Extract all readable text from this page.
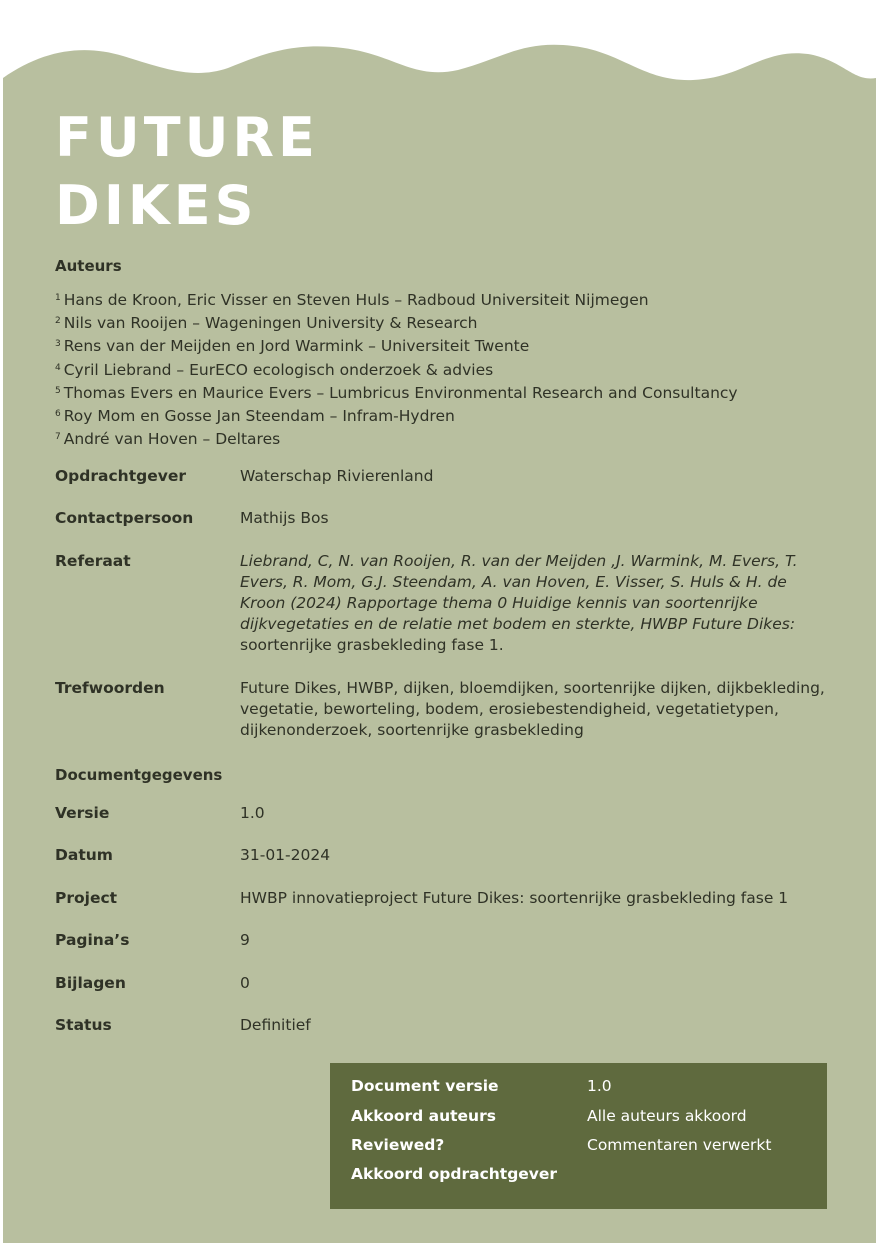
FUTURE
DIKES
Auteurs
$^1$ Hans de Kroon, Eric Visser en Steven Huls – Radboud Universiteit Nijmegen
$^2$ Nils van Rooijen – Wageningen University & Research
$^3$ Rens van der Meijden en Jord Warmink – Universiteit Twente
$^4$ Cyril Liebrand – EurECO ecologisch onderzoek & advies
$^5$ Thomas Evers en Maurice Evers – Lumbricus Environmental Research and Consultancy
$^6$ Roy Mom en Gosse Jan Steendam – Infram-Hydren
$^7$ André van Hoven – Deltares
Opdrachtgever	Waterschap Rivierenland
Contactpersoon	Mathijs Bos
Referaat	Liebrand, C, N. van Rooijen, R. van der Meijden ,J. Warmink, M. Evers, T. Evers, R. Mom, G.J. Steendam, A. van Hoven, E. Visser, S. Huls & H. de Kroon (2024) Rapportage thema 0 Huidige kennis van soortenrijke dijkvegetaties en de relatie met bodem en sterkte, HWBP Future Dikes:
soortenrijke grasbekleding fase 1.
Trefwoorden	Future Dikes, HWBP, dijken, bloemdijken, soortenrijke dijken, dijkbekleding, vegetatie, beworteling, bodem, erosiebestendigheid, vegetatietypen, dijkenonderzoek, soortenrijke grasbekleding
Documentgegevens
Versie	1.0
Datum	31-01-2024
Project	HWBP innovatieproject Future Dikes: soortenrijke grasbekleding fase 1
Pagina’s	9
Bijlagen	0
Status	Definitief
Document versie	1.0
Akkoord auteurs	Alle auteurs akkoord
Reviewed?	Commentaren verwerkt
Akkoord opdrachtgever
